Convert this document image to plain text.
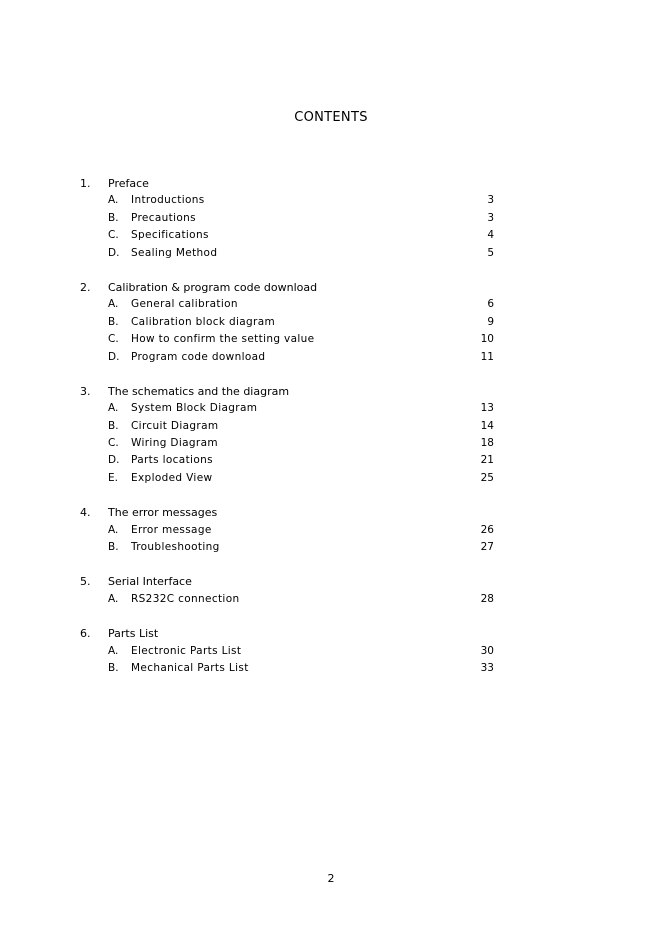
CONTENTS
1. Preface
A. Introductions	3
B. Precautions	3
C. Specifications	4
D. Sealing Method	5
2. Calibration & program code download
A. General calibration	6
B. Calibration block diagram	9
C. How to confirm the setting value	10
D. Program code download	11
3. The schematics and the diagram
A. System Block Diagram	13
B. Circuit Diagram	14
C. Wiring Diagram	18
D. Parts locations	21
E. Exploded View	25
4. The error messages
A. Error message	26
B. Troubleshooting	27
5. Serial Interface
A. RS232C connection	28
6. Parts List
A. Electronic Parts List	30
B. Mechanical Parts List	33
2
